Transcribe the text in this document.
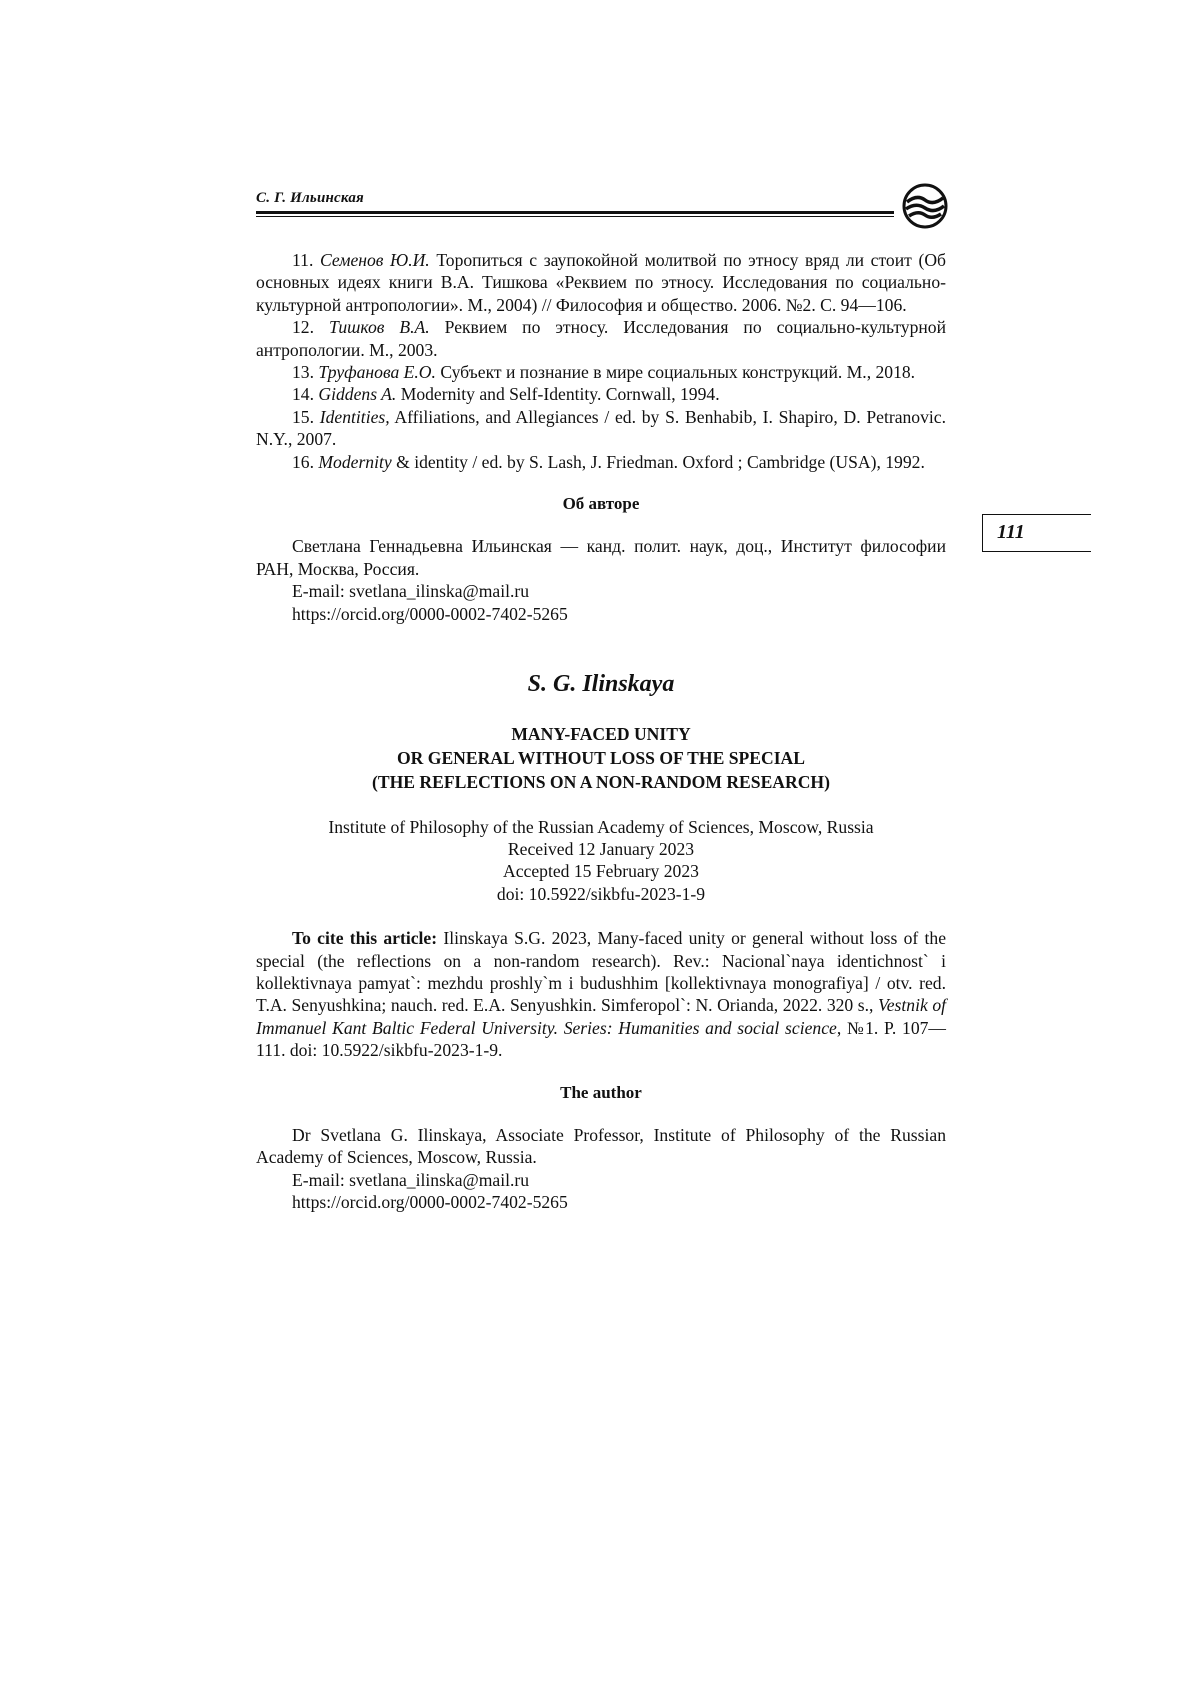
С. Г. Ильинская
111

11. Семенов Ю.И. Торопиться с заупокойной молитвой по этносу вряд ли стоит (Об основных идеях книги В.А. Тишкова «Реквием по этносу. Исследования по социально-культурной антропологии». М., 2004) // Философия и общество. 2006. №2. С. 94—106.

12. Тишков В.А. Реквием по этносу. Исследования по социально-культурной антропологии. М., 2003.

13. Труфанова Е.О. Субъект и познание в мире социальных конструкций. М., 2018.

14. Giddens A. Modernity and Self-Identity. Cornwall, 1994.

15. Identities, Affiliations, and Allegiances / ed. by S. Benhabib, I. Shapiro, D. Petranovic. N.Y., 2007.

16. Modernity & identity / ed. by S. Lash, J. Friedman. Oxford ; Cambridge (USA), 1992.

Об авторе

Светлана Геннадьевна Ильинская — канд. полит. наук, доц., Институт философии РАН, Москва, Россия.

E-mail: svetlana_ilinska@mail.ru

https://orcid.org/0000-0002-7402-5265

S. G. Ilinskaya

MANY-FACED UNITY

OR GENERAL WITHOUT LOSS OF THE SPECIAL

(THE REFLECTIONS ON A NON-RANDOM RESEARCH)

Institute of Philosophy of the Russian Academy of Sciences, Moscow, Russia

Received 12 January 2023

Accepted 15 February 2023

doi: 10.5922/sikbfu-2023-1-9

To cite this article: Ilinskaya S.G. 2023, Many-faced unity or general without loss of the special (the reflections on a non-random research). Rev.: Nacional`naya identichnost` i kollektivnaya pamyat`: mezhdu proshly`m i budushhim [kollektivnaya monografiya] / otv. red. T.A. Senyushkina; nauch. red. E.A. Senyushkin. Simferopol`: N. Orianda, 2022. 320 s., Vestnik of Immanuel Kant Baltic Federal University. Series: Humanities and social science, №1. P. 107—111. doi: 10.5922/sikbfu-2023-1-9.

The author

Dr Svetlana G. Ilinskaya, Associate Professor, Institute of Philosophy of the Russian Academy of Sciences, Moscow, Russia.

E-mail: svetlana_ilinska@mail.ru

https://orcid.org/0000-0002-7402-5265
